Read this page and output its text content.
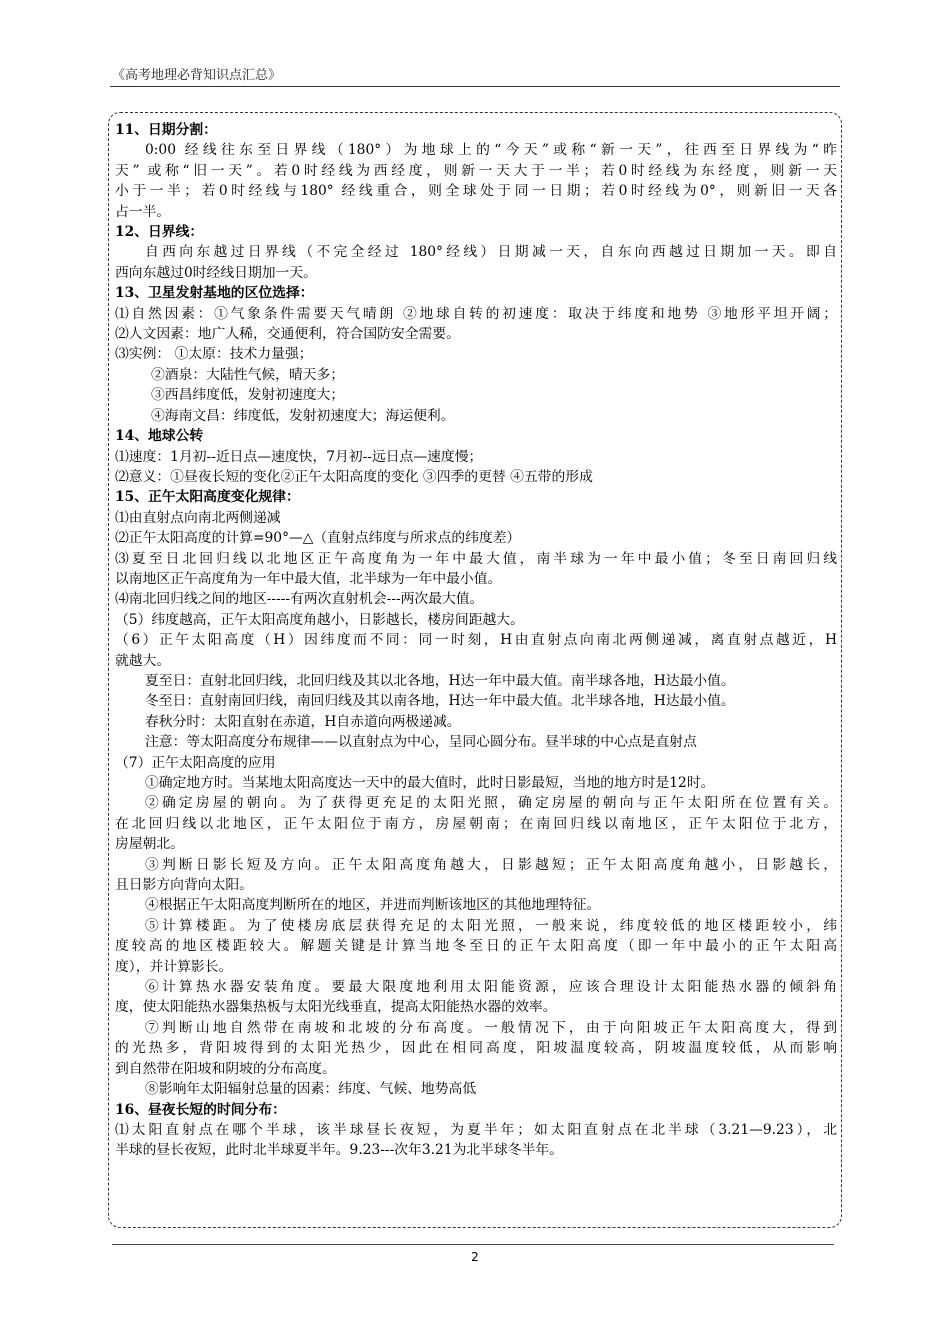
《高考地理必背知识点汇总》
11、日期分割：
0:00 经线往东至日界线（180°）为地球上的“今天”或称“新一天”，往西至日界线为“昨
天” 或称“旧一天”。若0时经线为西经度，则新一天大于一半；若0时经线为东经度，则新一天
小于一半；若0时经线与180° 经线重合，则全球处于同一日期；若0时经线为0°，则新旧一天各
占一半。
12、日界线：
自西向东越过日界线（不完全经过 180°经线）日期减一天，自东向西越过日期加一天。即自
西向东越过0时经线日期加一天。
13、卫星发射基地的区位选择：
⑴自然因素：①气象条件需要天气晴朗 ②地球自转的初速度：取决于纬度和地势 ③地形平坦开阔；
⑵人文因素：地广人稀，交通便利，符合国防安全需要。
⑶实例： ①太原：技术力量强；
②酒泉：大陆性气候，晴天多；
③西昌纬度低，发射初速度大；
④海南文昌：纬度低，发射初速度大；海运便利。
14、地球公转
⑴速度：1月初--近日点—速度快，7月初--远日点—速度慢；
⑵意义：①昼夜长短的变化②正午太阳高度的变化 ③四季的更替 ④五带的形成
15、正午太阳高度变化规律：
⑴由直射点向南北两侧递减
⑵正午太阳高度的计算=90°—△（直射点纬度与所求点的纬度差）
⑶夏至日北回归线以北地区正午高度角为一年中最大值，南半球为一年中最小值；冬至日南回归线
以南地区正午高度角为一年中最大值，北半球为一年中最小值。
⑷南北回归线之间的地区-----有两次直射机会---两次最大值。
（5）纬度越高，正午太阳高度角越小，日影越长，楼房间距越大。
（6）正午太阳高度（H）因纬度而不同：同一时刻，H由直射点向南北两侧递减，离直射点越近，H
就越大。
夏至日：直射北回归线，北回归线及其以北各地，H达一年中最大值。南半球各地，H达最小值。
冬至日：直射南回归线，南回归线及其以南各地，H达一年中最大值。北半球各地，H达最小值。
春秋分时：太阳直射在赤道，H自赤道向两极递减。
注意：等太阳高度分布规律——以直射点为中心，呈同心圆分布。昼半球的中心点是直射点
（7）正午太阳高度的应用
①确定地方时。当某地太阳高度达一天中的最大值时，此时日影最短，当地的地方时是12时。
②确定房屋的朝向。为了获得更充足的太阳光照，确定房屋的朝向与正午太阳所在位置有关。
在北回归线以北地区，正午太阳位于南方，房屋朝南；在南回归线以南地区，正午太阳位于北方，
房屋朝北。
③判断日影长短及方向。正午太阳高度角越大，日影越短；正午太阳高度角越小，日影越长，
且日影方向背向太阳。
④根据正午太阳高度判断所在的地区，并进而判断该地区的其他地理特征。
⑤计算楼距。为了使楼房底层获得充足的太阳光照，一般来说，纬度较低的地区楼距较小，纬
度较高的地区楼距较大。解题关键是计算当地冬至日的正午太阳高度（即一年中最小的正午太阳高
度），并计算影长。
⑥计算热水器安装角度。要最大限度地利用太阳能资源，应该合理设计太阳能热水器的倾斜角
度，使太阳能热水器集热板与太阳光线垂直，提高太阳能热水器的效率。
⑦判断山地自然带在南坡和北坡的分布高度。一般情况下，由于向阳坡正午太阳高度大，得到
的光热多，背阳坡得到的太阳光热少，因此在相同高度，阳坡温度较高，阴坡温度较低，从而影响
到自然带在阳坡和阴坡的分布高度。
⑧影响年太阳辐射总量的因素：纬度、气候、地势高低
16、昼夜长短的时间分布：
⑴太阳直射点在哪个半球，该半球昼长夜短，为夏半年；如太阳直射点在北半球（3.21—9.23），北
半球的昼长夜短，此时北半球夏半年。9.23---次年3.21为北半球冬半年。
2
